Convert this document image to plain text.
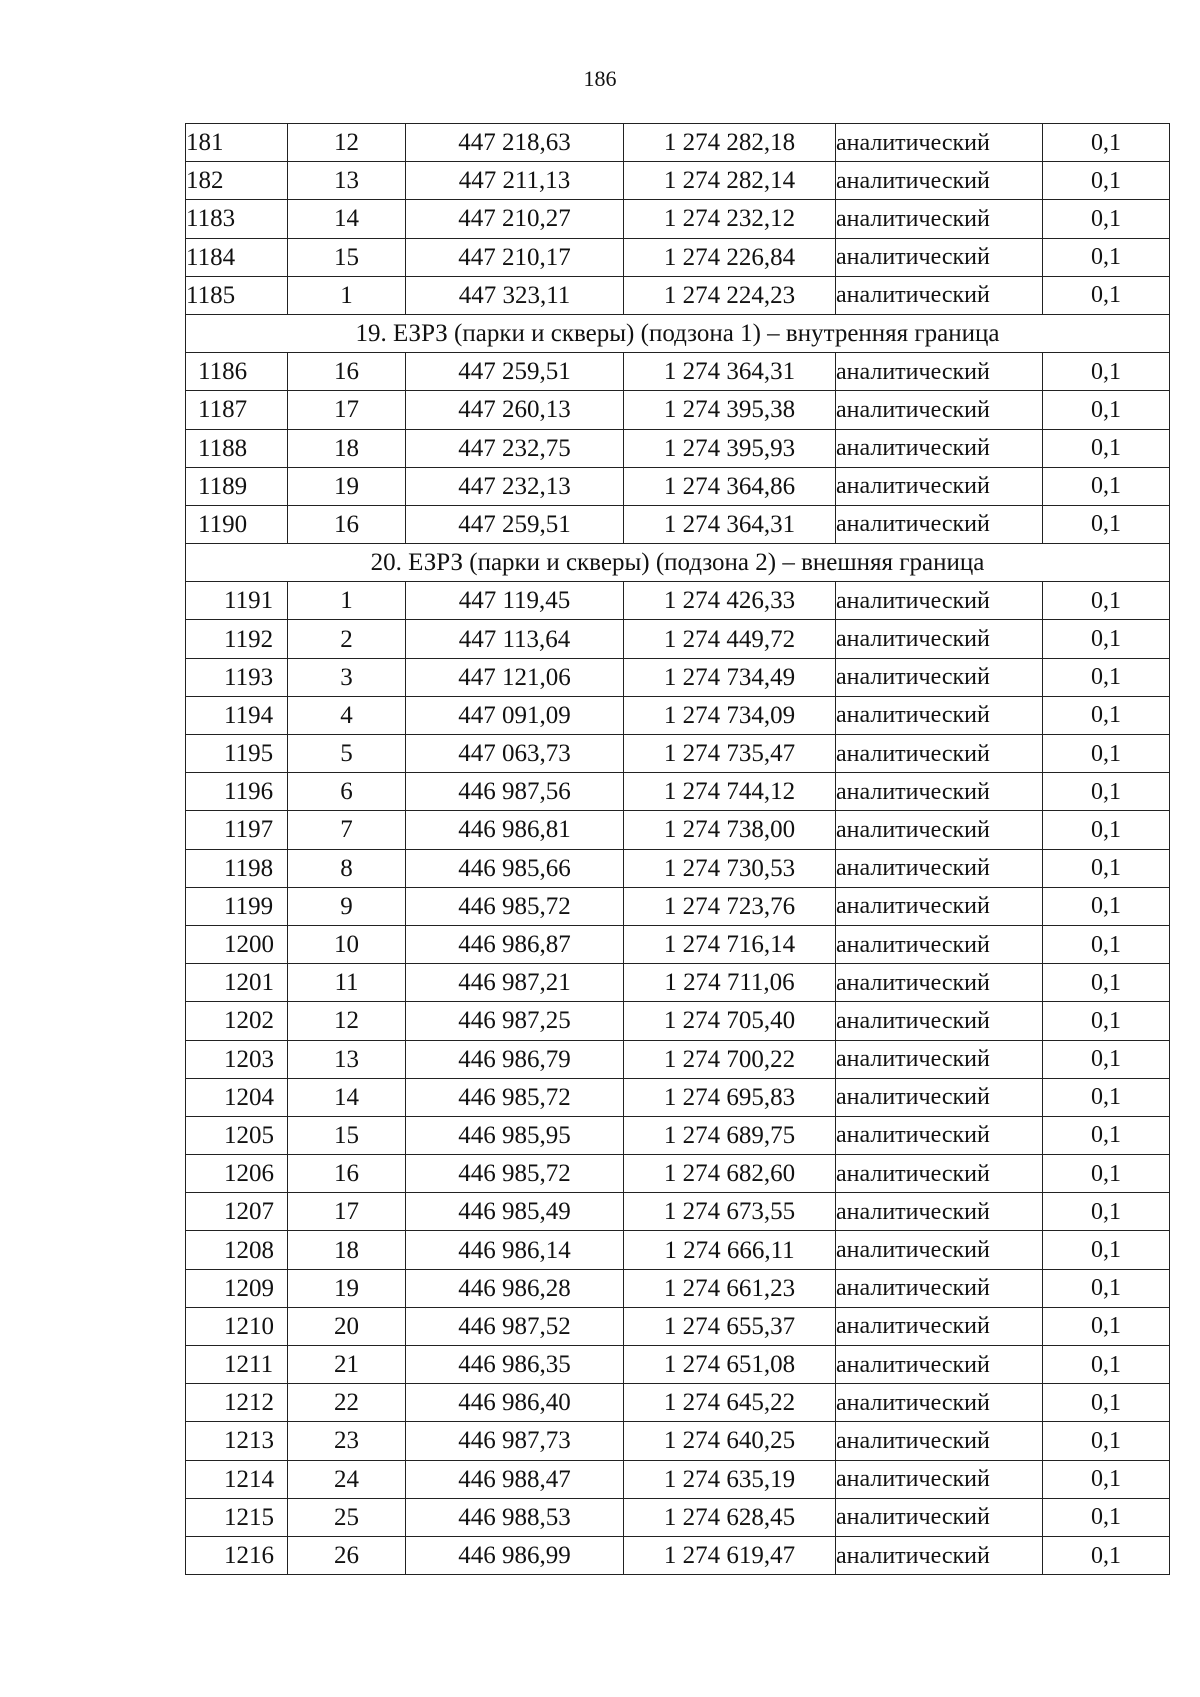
186
181	12	447 218,63	1 274 282,18	аналитический	0,1
182	13	447 211,13	1 274 282,14	аналитический	0,1
1183	14	447 210,27	1 274 232,12	аналитический	0,1
1184	15	447 210,17	1 274 226,84	аналитический	0,1
1185	1	447 323,11	1 274 224,23	аналитический	0,1
19. ЕЗРЗ (парки и скверы) (подзона 1) – внутренняя граница					
1186	16	447 259,51	1 274 364,31	аналитический	0,1
1187	17	447 260,13	1 274 395,38	аналитический	0,1
1188	18	447 232,75	1 274 395,93	аналитический	0,1
1189	19	447 232,13	1 274 364,86	аналитический	0,1
1190	16	447 259,51	1 274 364,31	аналитический	0,1
20. ЕЗРЗ (парки и скверы) (подзона 2) – внешняя граница					
1191	1	447 119,45	1 274 426,33	аналитический	0,1
1192	2	447 113,64	1 274 449,72	аналитический	0,1
1193	3	447 121,06	1 274 734,49	аналитический	0,1
1194	4	447 091,09	1 274 734,09	аналитический	0,1
1195	5	447 063,73	1 274 735,47	аналитический	0,1
1196	6	446 987,56	1 274 744,12	аналитический	0,1
1197	7	446 986,81	1 274 738,00	аналитический	0,1
1198	8	446 985,66	1 274 730,53	аналитический	0,1
1199	9	446 985,72	1 274 723,76	аналитический	0,1
1200	10	446 986,87	1 274 716,14	аналитический	0,1
1201	11	446 987,21	1 274 711,06	аналитический	0,1
1202	12	446 987,25	1 274 705,40	аналитический	0,1
1203	13	446 986,79	1 274 700,22	аналитический	0,1
1204	14	446 985,72	1 274 695,83	аналитический	0,1
1205	15	446 985,95	1 274 689,75	аналитический	0,1
1206	16	446 985,72	1 274 682,60	аналитический	0,1
1207	17	446 985,49	1 274 673,55	аналитический	0,1
1208	18	446 986,14	1 274 666,11	аналитический	0,1
1209	19	446 986,28	1 274 661,23	аналитический	0,1
1210	20	446 987,52	1 274 655,37	аналитический	0,1
1211	21	446 986,35	1 274 651,08	аналитический	0,1
1212	22	446 986,40	1 274 645,22	аналитический	0,1
1213	23	446 987,73	1 274 640,25	аналитический	0,1
1214	24	446 988,47	1 274 635,19	аналитический	0,1
1215	25	446 988,53	1 274 628,45	аналитический	0,1
1216	26	446 986,99	1 274 619,47	аналитический	0,1
